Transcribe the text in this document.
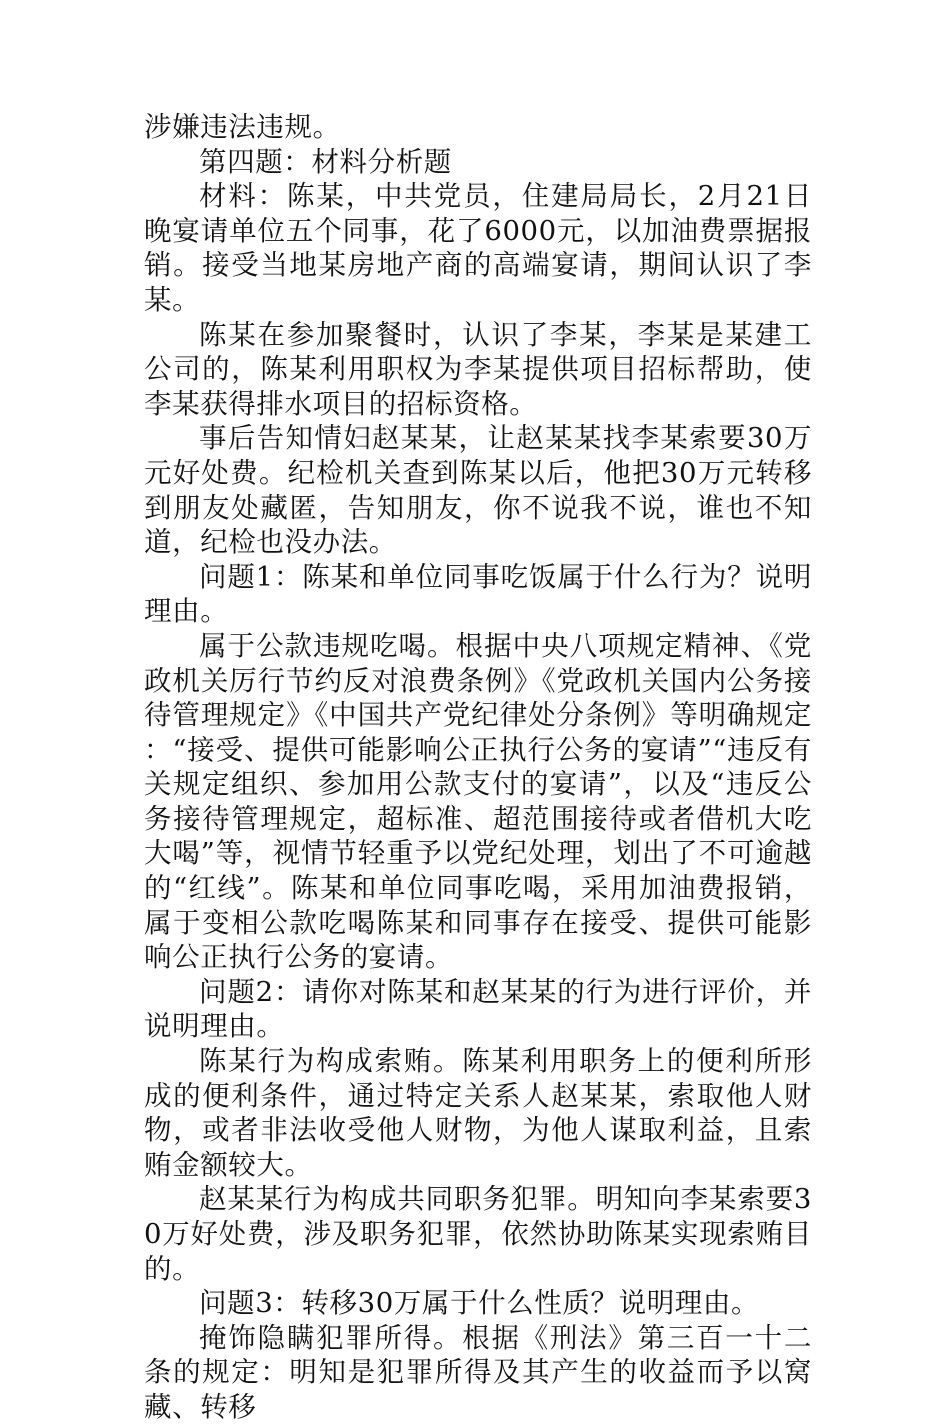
涉嫌违法违规。

第四题：材料分析题

材料：陈某，中共党员，住建局局长，2月21日晚宴请单位五个同事，花了6000元，以加油费票据报销。接受当地某房地产商的高端宴请，期间认识了李某。

陈某在参加聚餐时，认识了李某，李某是某建工公司的，陈某利用职权为李某提供项目招标帮助，使李某获得排水项目的招标资格。

事后告知情妇赵某某，让赵某某找李某索要30万元好处费。纪检机关查到陈某以后，他把30万元转移到朋友处藏匿，告知朋友，你不说我不说，谁也不知道，纪检也没办法。

问题1：陈某和单位同事吃饭属于什么行为？说明理由。

属于公款违规吃喝。根据中央八项规定精神、《党政机关厉行节约反对浪费条例》《党政机关国内公务接待管理规定》《中国共产党纪律处分条例》等明确规定：“接受、提供可能影响公正执行公务的宴请”“违反有关规定组织、参加用公款支付的宴请”，以及“违反公务接待管理规定，超标准、超范围接待或者借机大吃大喝”等，视情节轻重予以党纪处理，划出了不可逾越的“红线”。陈某和单位同事吃喝，采用加油费报销，属于变相公款吃喝陈某和同事存在接受、提供可能影响公正执行公务的宴请。

问题2：请你对陈某和赵某某的行为进行评价，并说明理由。

陈某行为构成索贿。陈某利用职务上的便利所形成的便利条件，通过特定关系人赵某某，索取他人财物，或者非法收受他人财物，为他人谋取利益，且索贿金额较大。

赵某某行为构成共同职务犯罪。明知向李某索要30万好处费，涉及职务犯罪，依然协助陈某实现索贿目的。

问题3：转移30万属于什么性质？说明理由。

掩饰隐瞒犯罪所得。根据《刑法》第三百一十二条的规定：明知是犯罪所得及其产生的收益而予以窝藏、转移
